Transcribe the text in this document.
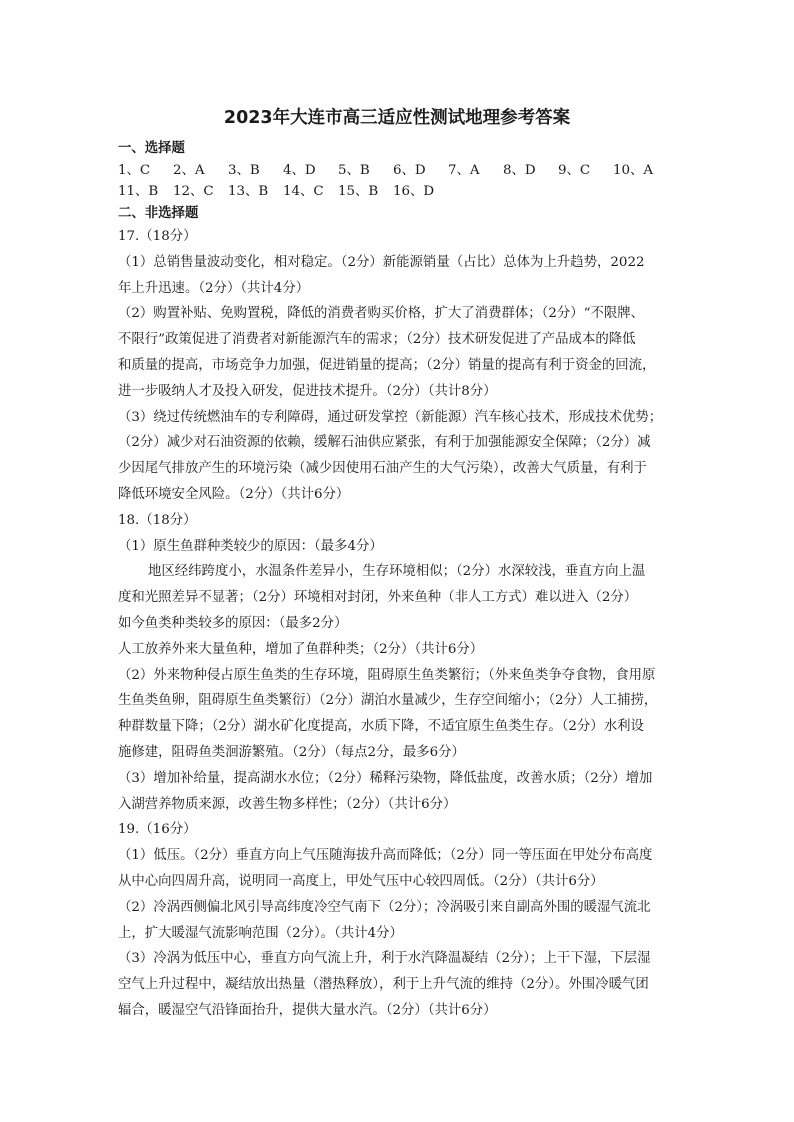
2023年大连市高三适应性测试地理参考答案
一、选择题
1、C	2、A	3、B	4、D	5、B	6、D	7、A	8、D	9、C	10、A
11、B	12、C	13、B	14、C	15、B	16、D
二、非选择题
17.（18分）
（1）总销售量波动变化，相对稳定。（2分）新能源销量（占比）总体为上升趋势，2022
年上升迅速。（2分）（共计4分）
（2）购置补贴、免购置税，降低的消费者购买价格，扩大了消费群体；（2分）“不限牌、
不限行”政策促进了消费者对新能源汽车的需求；（2分）技术研发促进了产品成本的降低
和质量的提高，市场竞争力加强，促进销量的提高；（2分）销量的提高有利于资金的回流，
进一步吸纳人才及投入研发，促进技术提升。（2分）（共计8分）
（3）绕过传统燃油车的专利障碍，通过研发掌控（新能源）汽车核心技术，形成技术优势；
（2分）减少对石油资源的依赖，缓解石油供应紧张，有利于加强能源安全保障；（2分）减
少因尾气排放产生的环境污染（减少因使用石油产生的大气污染），改善大气质量，有利于
降低环境安全风险。（2分）（共计6分）
18.（18分）
（1）原生鱼群种类较少的原因：（最多4分）
地区经纬跨度小，水温条件差异小，生存环境相似；（2分）水深较浅，垂直方向上温
度和光照差异不显著；（2分）环境相对封闭，外来鱼种（非人工方式）难以进入（2分）
如今鱼类种类较多的原因：（最多2分）
人工放养外来大量鱼种，增加了鱼群种类；（2分）（共计6分）
（2）外来物种侵占原生鱼类的生存环境，阻碍原生鱼类繁衍；（外来鱼类争夺食物，食用原
生鱼类鱼卵，阻碍原生鱼类繁衍）（2分）湖泊水量减少，生存空间缩小；（2分）人工捕捞，
种群数量下降；（2分）湖水矿化度提高，水质下降，不适宜原生鱼类生存。（2分）水利设
施修建，阻碍鱼类洄游繁殖。（2分）（每点2分，最多6分）
（3）增加补给量，提高湖水水位；（2分）稀释污染物，降低盐度，改善水质；（2分）增加
入湖营养物质来源，改善生物多样性；（2分）（共计6分）
19.（16分）
（1）低压。（2分）垂直方向上气压随海拔升高而降低；（2分）同一等压面在甲处分布高度
从中心向四周升高，说明同一高度上，甲处气压中心较四周低。（2分）（共计6分）
（2）冷涡西侧偏北风引导高纬度冷空气南下（2分）；冷涡吸引来自副高外围的暖湿气流北
上，扩大暖湿气流影响范围（2分）。（共计4分）
（3）冷涡为低压中心，垂直方向气流上升，利于水汽降温凝结（2分）；上干下湿，下层湿
空气上升过程中，凝结放出热量（潜热释放），利于上升气流的维持（2分）。外围冷暖气团
辐合，暖湿空气沿锋面抬升，提供大量水汽。（2分）（共计6分）
